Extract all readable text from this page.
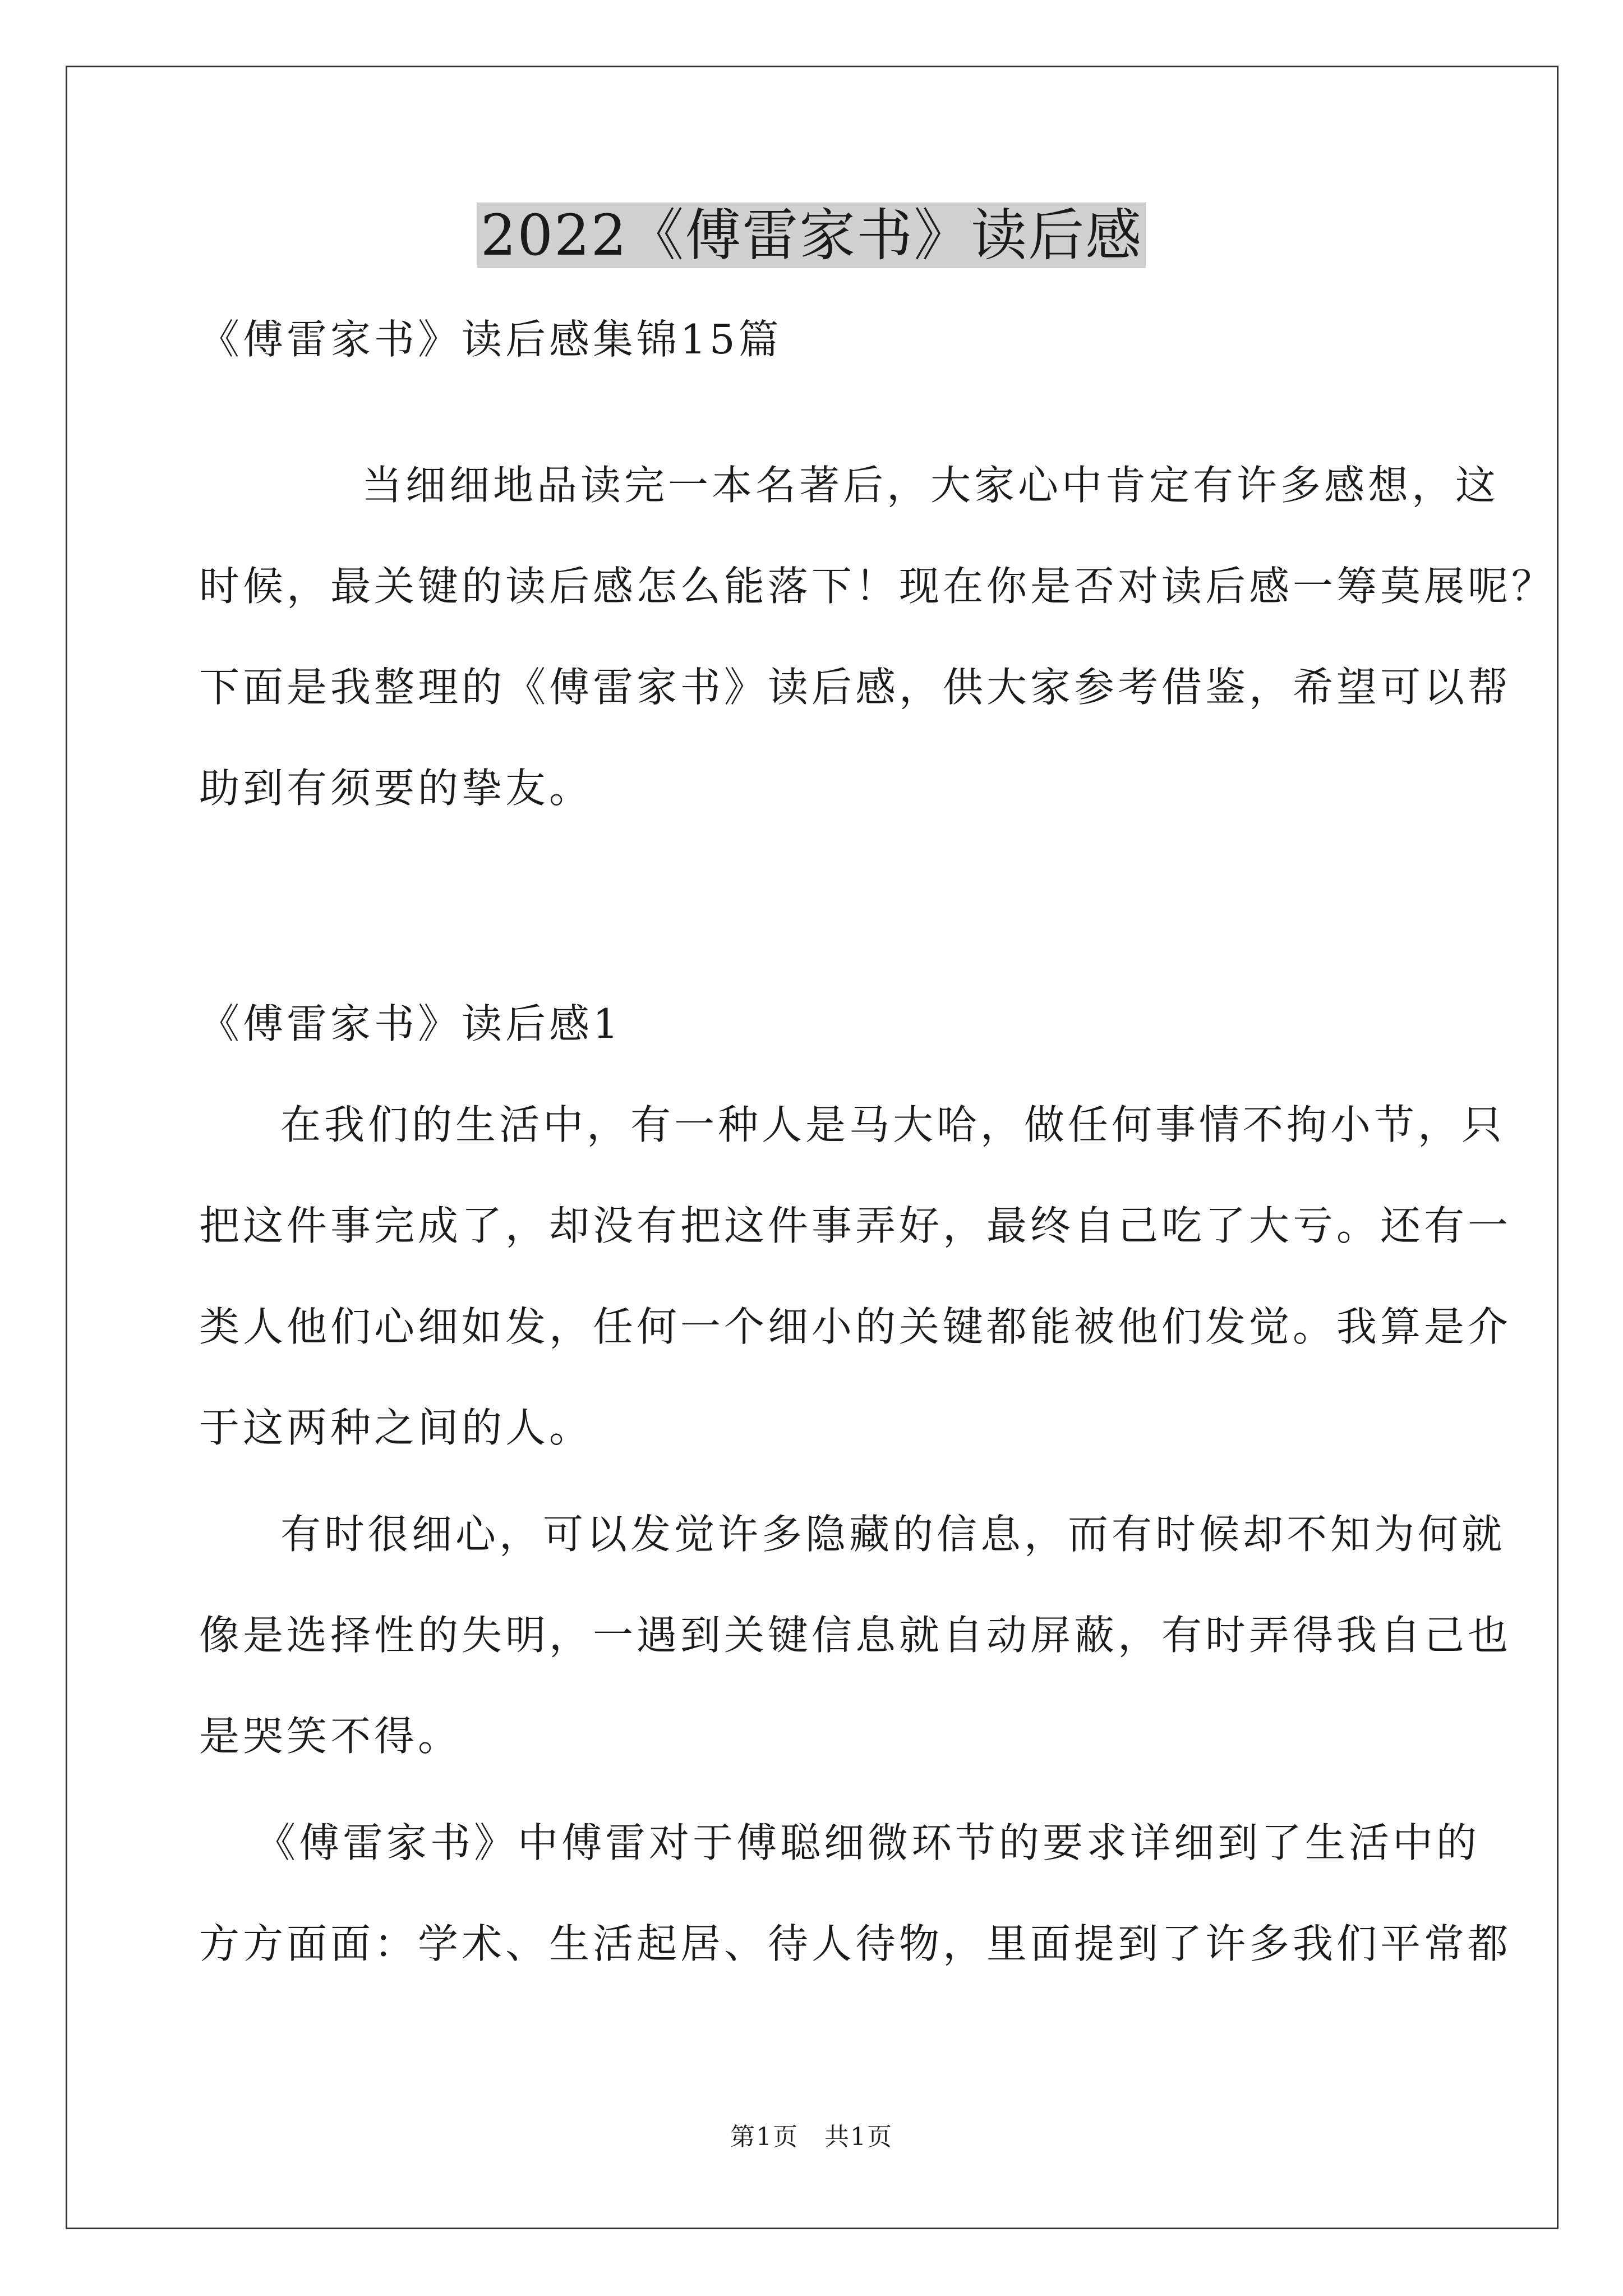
2022《傅雷家书》读后感
《傅雷家书》读后感集锦15篇
当细细地品读完一本名著后，大家心中肯定有许多感想，这
时候，最关键的读后感怎么能落下！现在你是否对读后感一筹莫展呢？
下面是我整理的《傅雷家书》读后感，供大家参考借鉴，希望可以帮
助到有须要的挚友。
《傅雷家书》读后感1
在我们的生活中，有一种人是马大哈，做任何事情不拘小节，只
把这件事完成了，却没有把这件事弄好，最终自己吃了大亏。还有一
类人他们心细如发，任何一个细小的关键都能被他们发觉。我算是介
于这两种之间的人。
有时很细心，可以发觉许多隐藏的信息，而有时候却不知为何就
像是选择性的失明，一遇到关键信息就自动屏蔽，有时弄得我自己也
是哭笑不得。
《傅雷家书》中傅雷对于傅聪细微环节的要求详细到了生活中的
方方面面：学术、生活起居、待人待物，里面提到了许多我们平常都
第1页　共1页
